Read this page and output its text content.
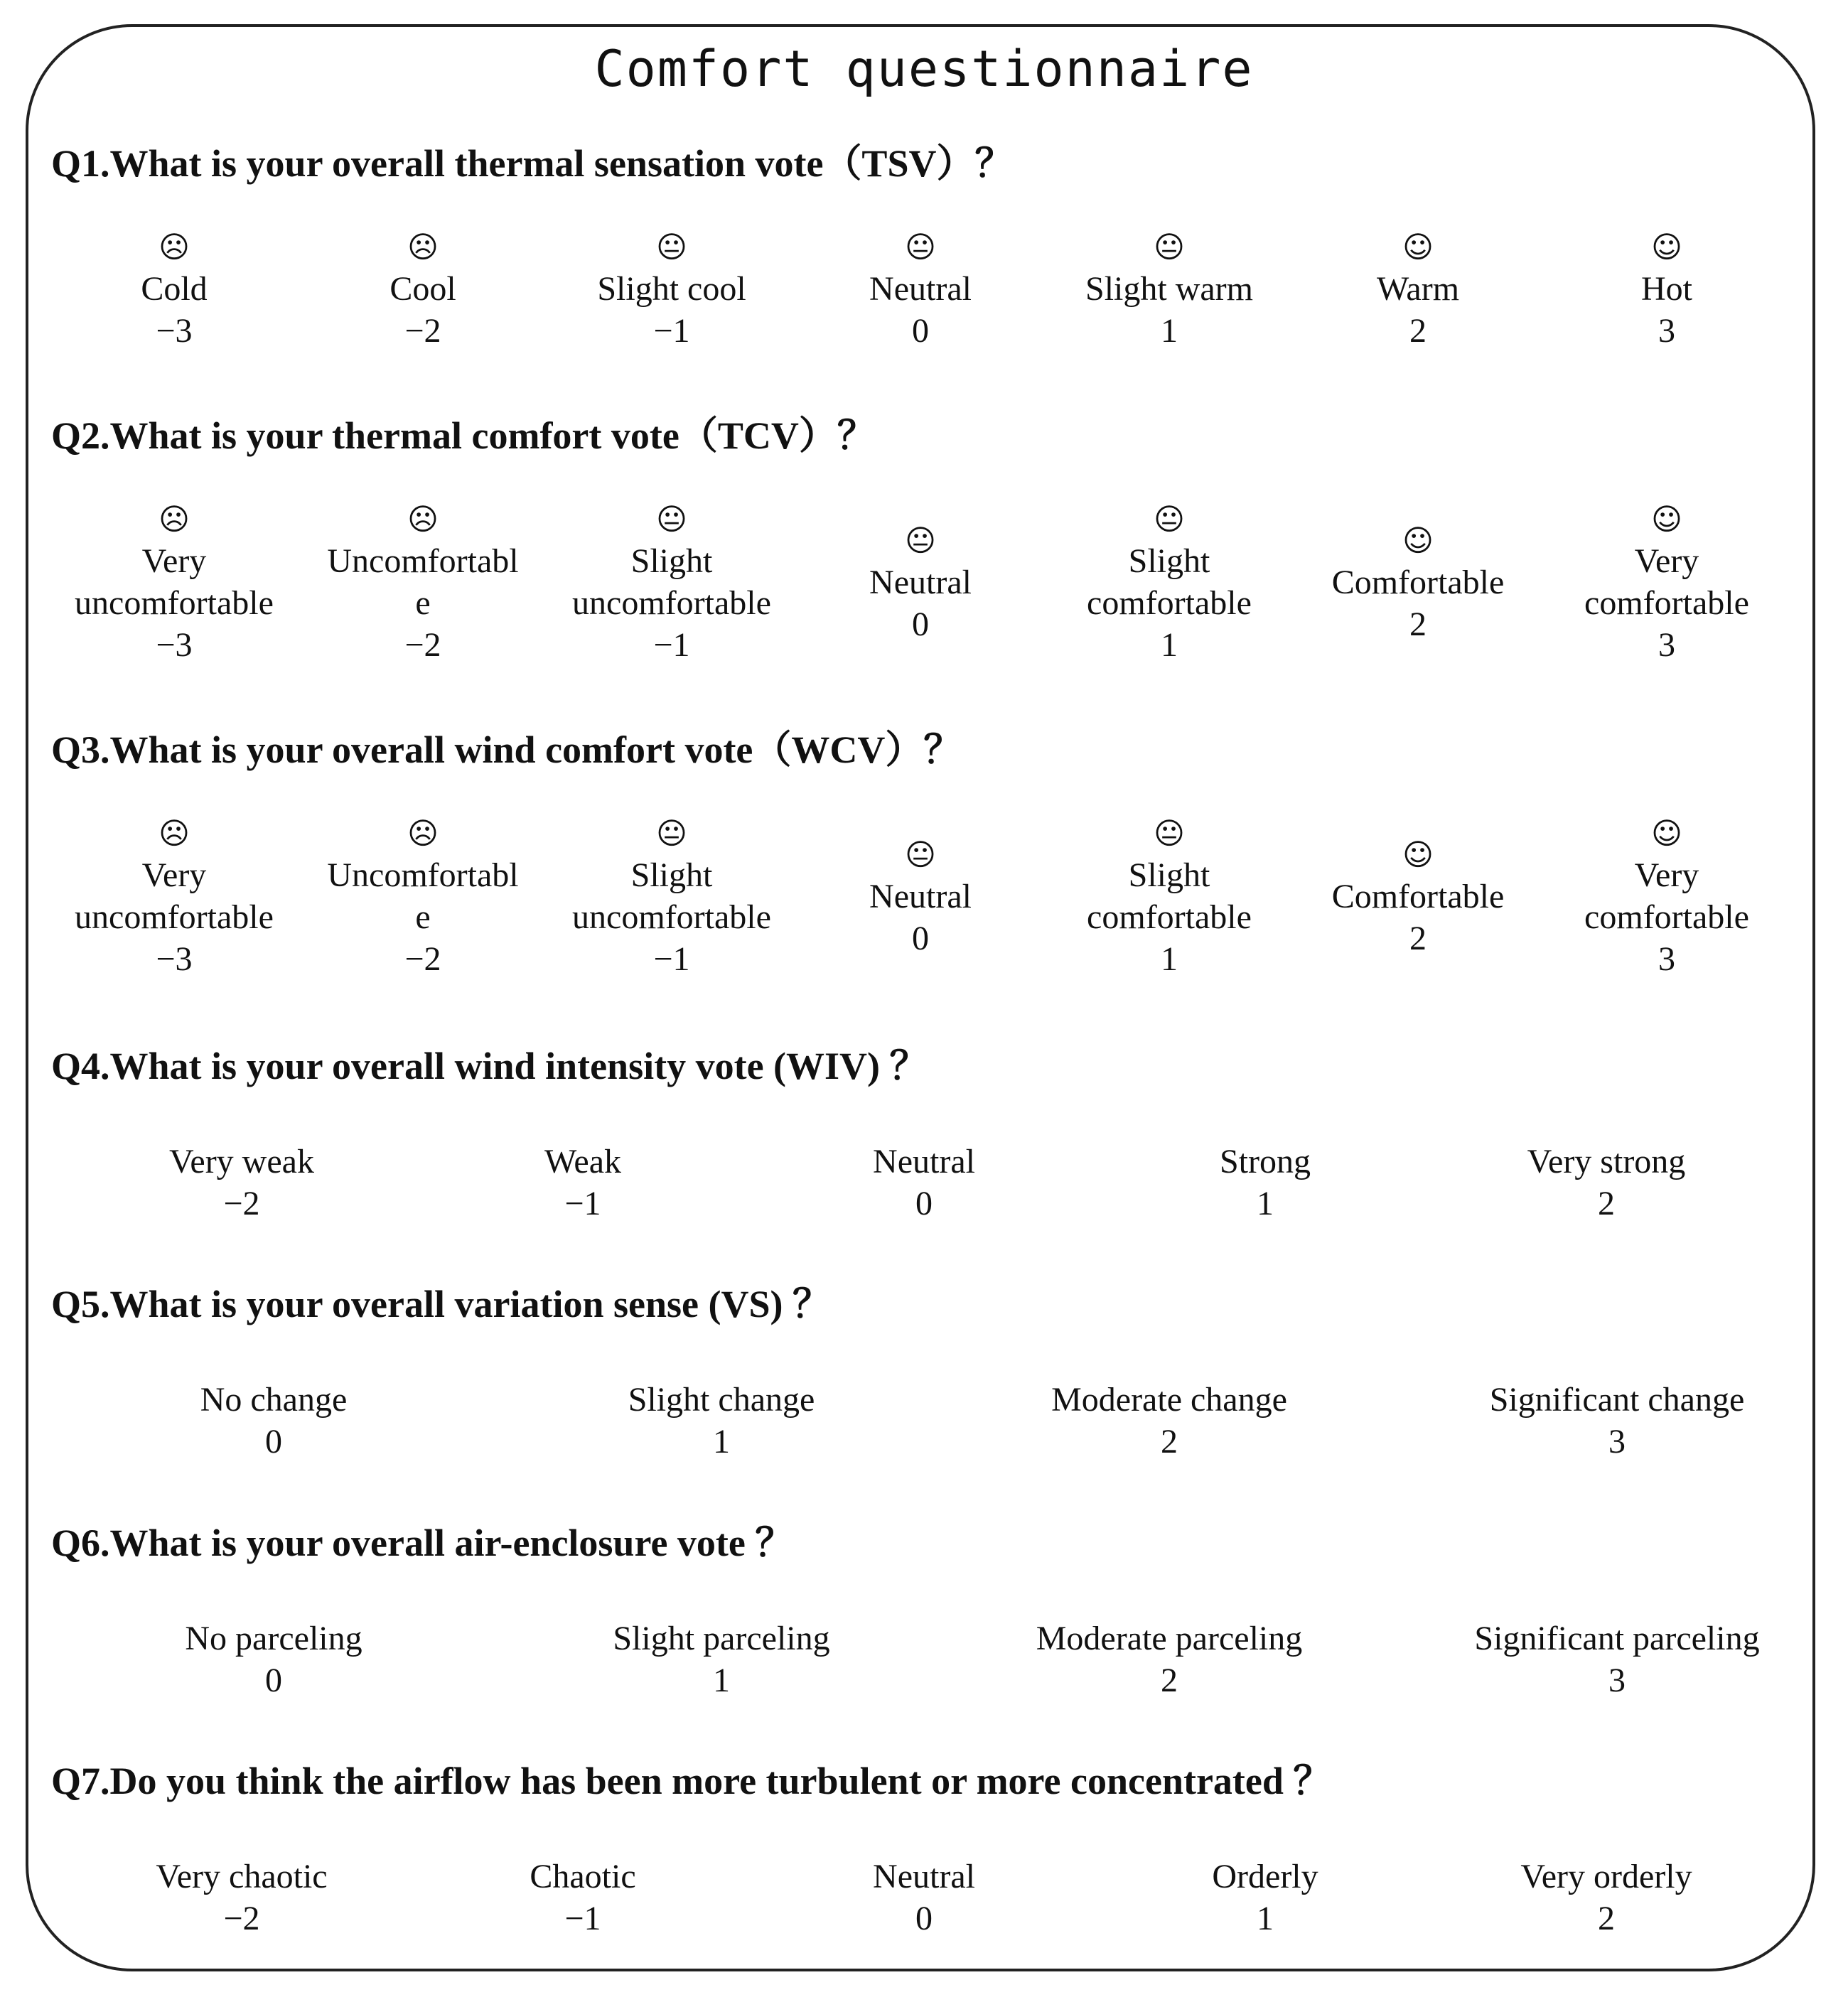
Comfort questionnaire
Q1.What is your overall thermal sensation vote（TSV）？
☹
Cold
−3
☹
Cool
−2
😐
Slight cool
−1
😐
Neutral
0
😐
Slight warm
1
☺
Warm
2
☺
Hot
3
Q2.What is your thermal comfort vote（TCV）？
☹
Very
uncomfortable
−3
☹
Uncomfortabl
e
−2
😐
Slight
uncomfortable
−1
😐
Neutral
0
😐
Slight
comfortable
1
☺
Comfortable
2
☺
Very
comfortable
3
Q3.What is your overall wind comfort vote（WCV）？
☹
Very
uncomfortable
−3
☹
Uncomfortabl
e
−2
😐
Slight
uncomfortable
−1
😐
Neutral
0
😐
Slight
comfortable
1
☺
Comfortable
2
☺
Very
comfortable
3
Q4.What is your overall wind intensity vote (WIV) ？
Very weak
−2
Weak
−1
Neutral
0
Strong
1
Very strong
2
Q5.What is your overall variation sense (VS) ？
No change
0
Slight change
1
Moderate change
2
Significant change
3
Q6.What is your overall air-enclosure vote ？
No parceling
0
Slight parceling
1
Moderate parceling
2
Significant parceling
3
Q7.Do you think the airflow has been more turbulent or more concentrated ？
Very chaotic
−2
Chaotic
−1
Neutral
0
Orderly
1
Very orderly
2
